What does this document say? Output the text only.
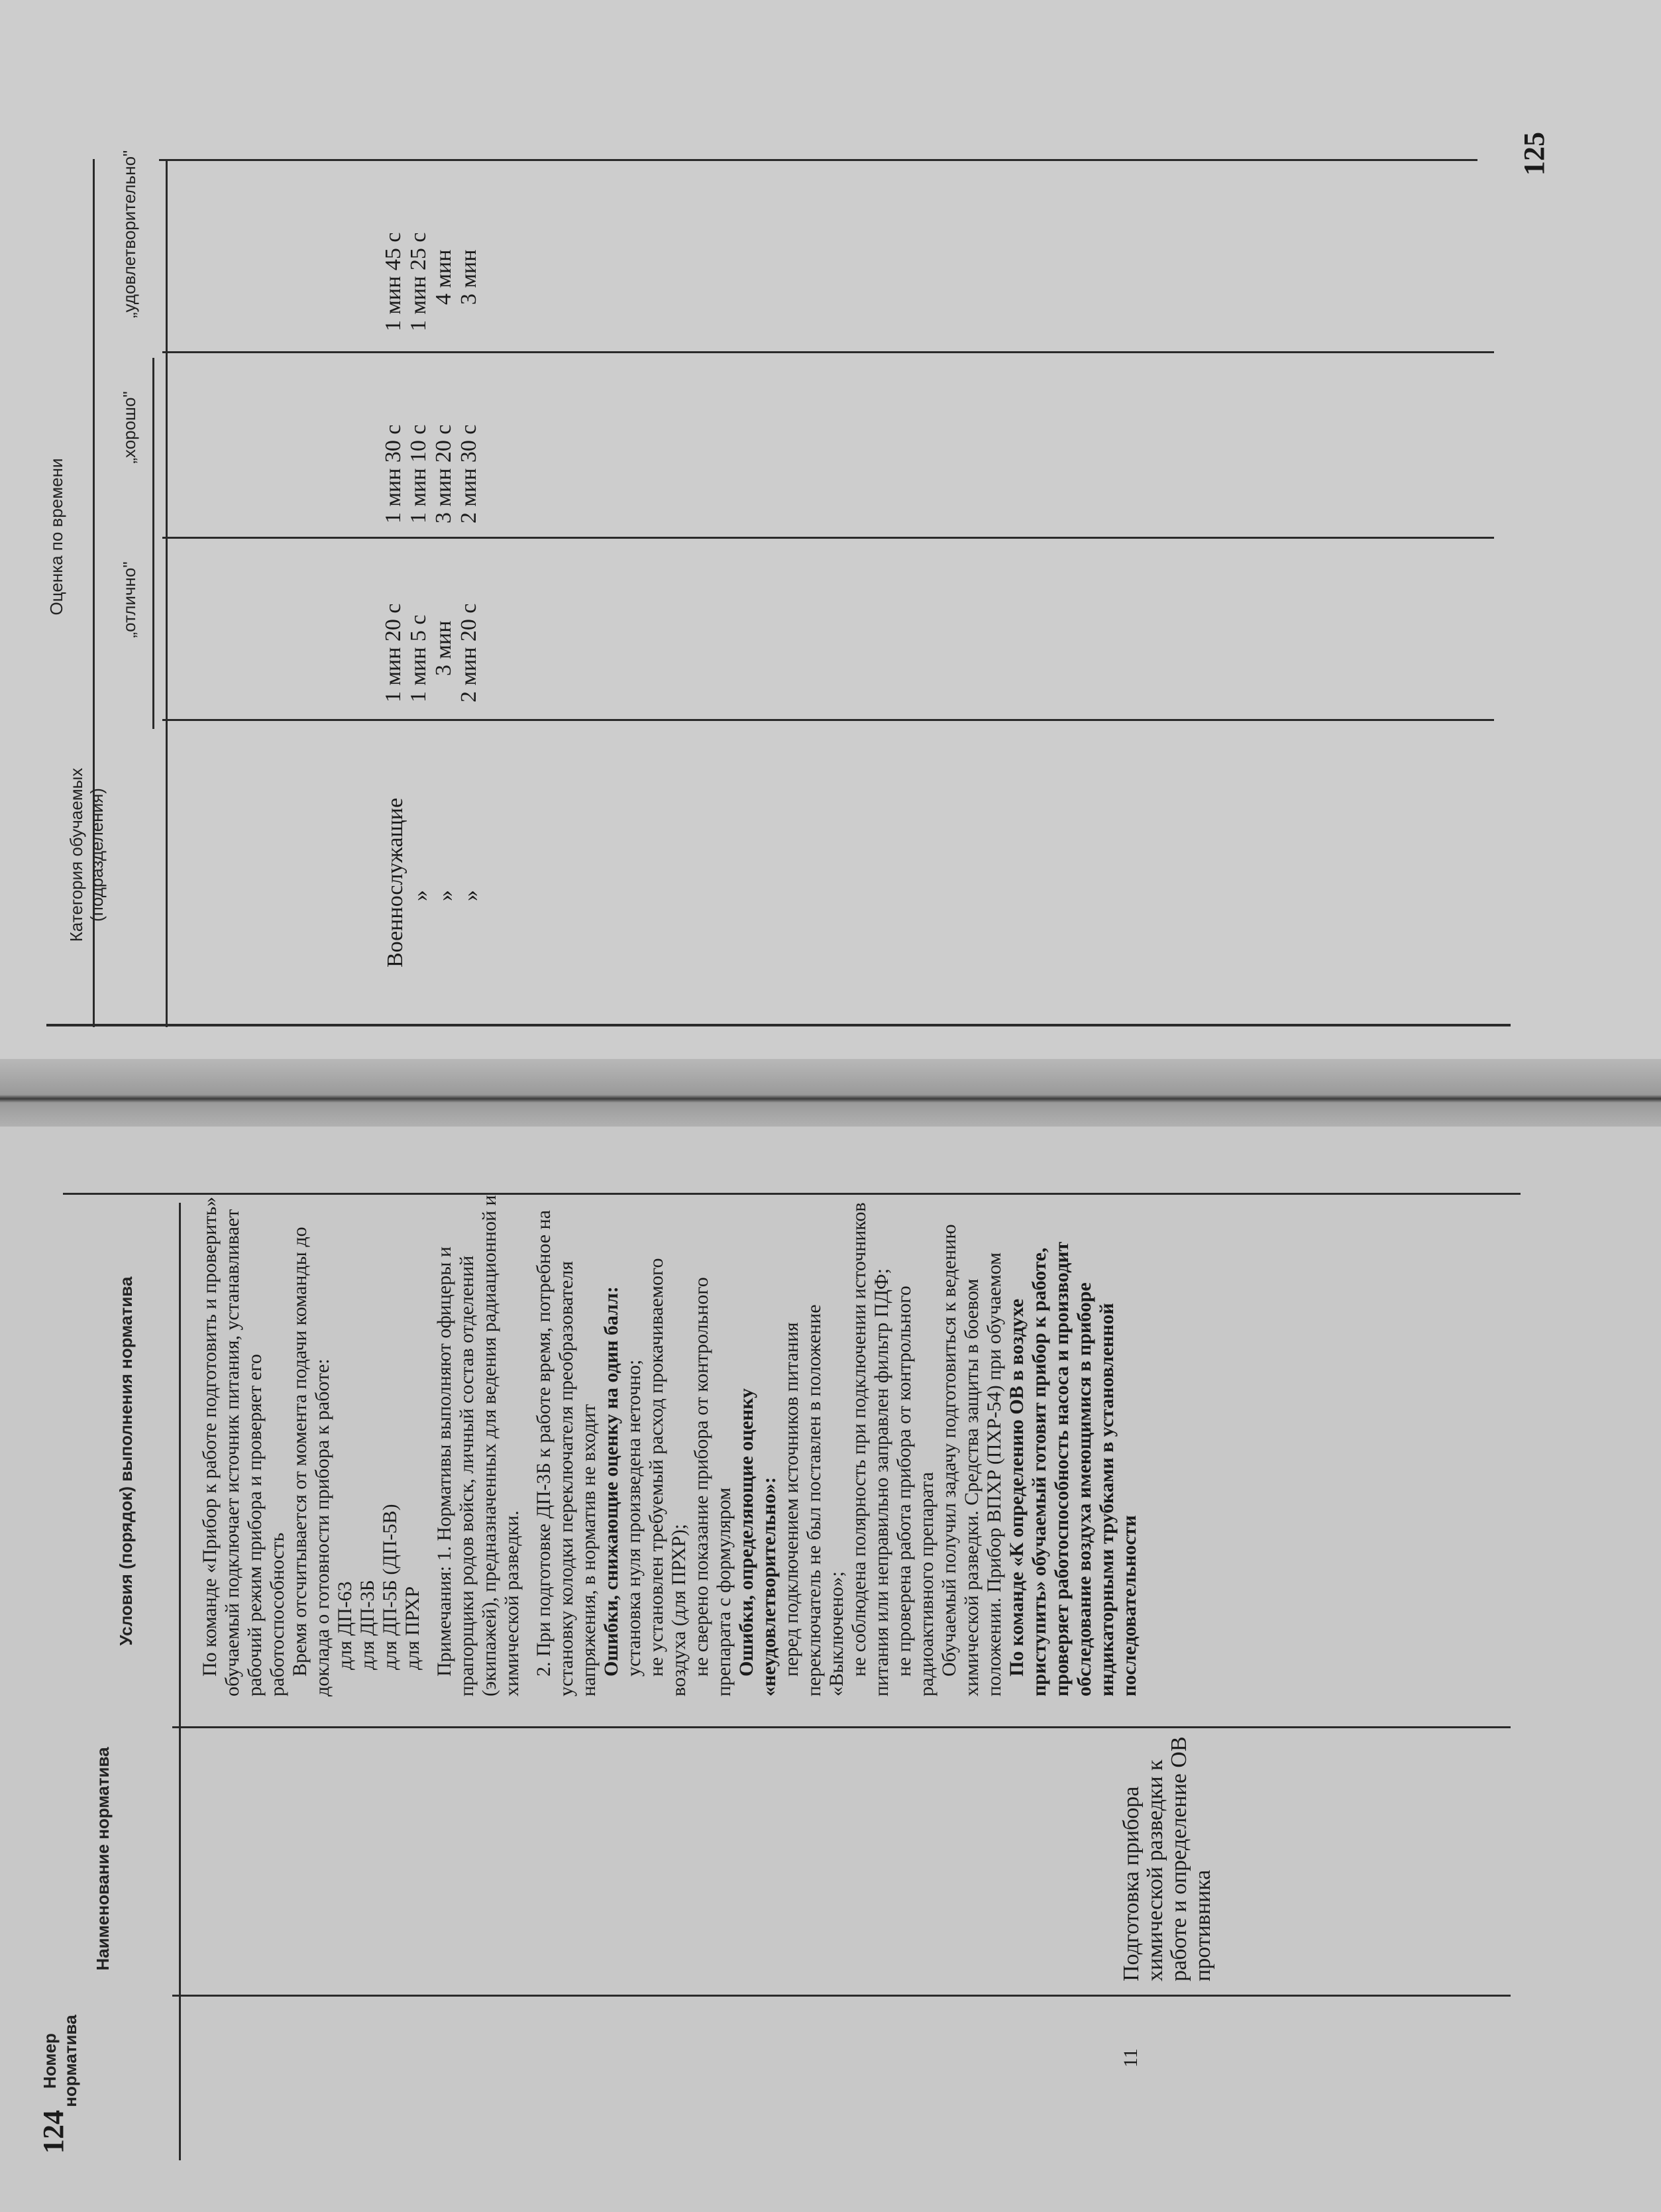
Категория обучаемых (подразделения)
Оценка по времени	„отлично"
„хорошо"
„удовлетворительно"
Военнослужащие » » »
1 мин 20 с 1 мин 5 с 3 мин 2 мин 20 с
1 мин 30 с 1 мин 10 с 3 мин 20 с 2 мин 30 с
1 мин 45 с 1 мин 25 с 4 мин 3 мин
125
Номер норматива
Наименование норматива
Условия (порядок) выполнения норматива
11
Подготовка прибора химической разведки к работе и определение ОВ противника

По команде «Прибор к работе подготовить и проверить» обучаемый подключает источник питания, устанавливает рабочий режим прибора и проверяет его работоспособность Время отсчитывается от момента подачи команды до доклада о готовности прибора к работе: для ДП-63 для ДП-3Б для ДП-5Б (ДП-5В) для ПРХР Примечания: 1. Нормативы выполняют офицеры и прапорщики родов войск, личный состав отделений (экипажей), предназначенных для ведения радиационной и химической разведки. 2. При подготовке ДП-3Б к работе время, потребное на установку колодки переключателя преобразователя напряжения, в норматив не входит Ошибки, снижающие оценку на один балл: установка нуля произведена неточно; не установлен требуемый расход прокачиваемого воздуха (для ПРХР); не сверено показание прибора от контрольного препарата с формуляром Ошибки, определяющие оценку «неудовлетворительно»: перед подключением источников питания переключатель не был поставлен в положение «Выключено»; не соблюдена полярность при подключении источников питания или неправильно заправлен фильтр ПДФ; не проверена работа прибора от контрольного радиоактивного препарата Обучаемый получил задачу подготовиться к ведению химической разведки. Средства защиты в боевом положении. Прибор ВПХР (ПХР-54) при обучаемом По команде «К определению ОВ в воздухе приступить» обучаемый готовит прибор к работе, проверяет работоспособность насоса и производит обследование воздуха имеющимися в приборе индикаторными трубками в установленной последовательности

124
